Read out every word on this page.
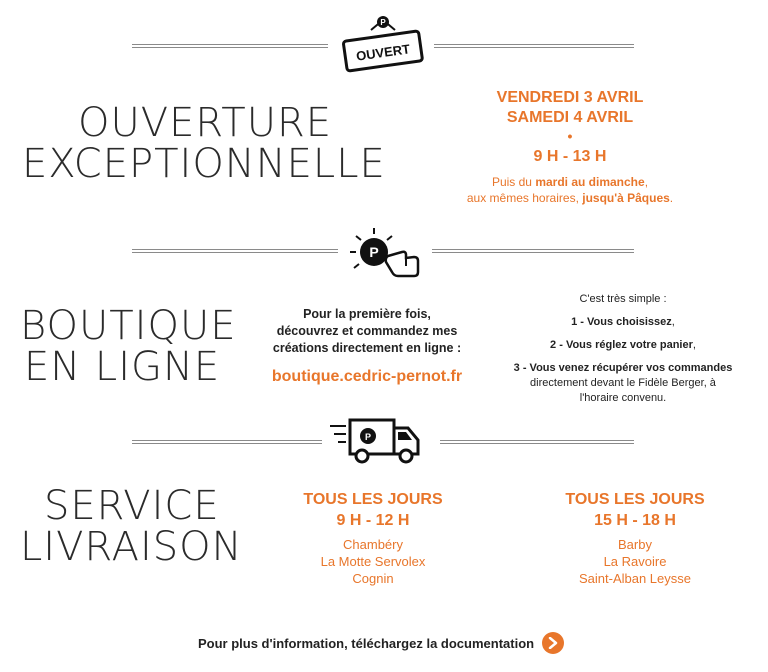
P
OUVERT
OUVERTURE
EXCEPTIONNELLE
VENDREDI 3 AVRIL
SAMEDI 4 AVRIL
•
9 H - 13 H
Puis du mardi au dimanche,
aux mêmes horaires, jusqu'à Pâques.
P
BOUTIQUE
EN LIGNE
Pour la première fois,
découvrez et commandez mes
créations directement en ligne :
boutique.cedric-pernot.fr
C'est très simple :
1 - Vous choisissez,
2 - Vous réglez votre panier,
3 - Vous venez récupérer vos commandes
directement devant le Fidèle Berger, à
l'horaire convenu.
P
SERVICE
LIVRAISON
TOUS LES JOURS
9 H - 12 H
Chambéry
La Motte Servolex
Cognin
TOUS LES JOURS
15 H - 18 H
Barby
La Ravoire
Saint-Alban Leysse
Pour plus d'information, téléchargez la documentation
